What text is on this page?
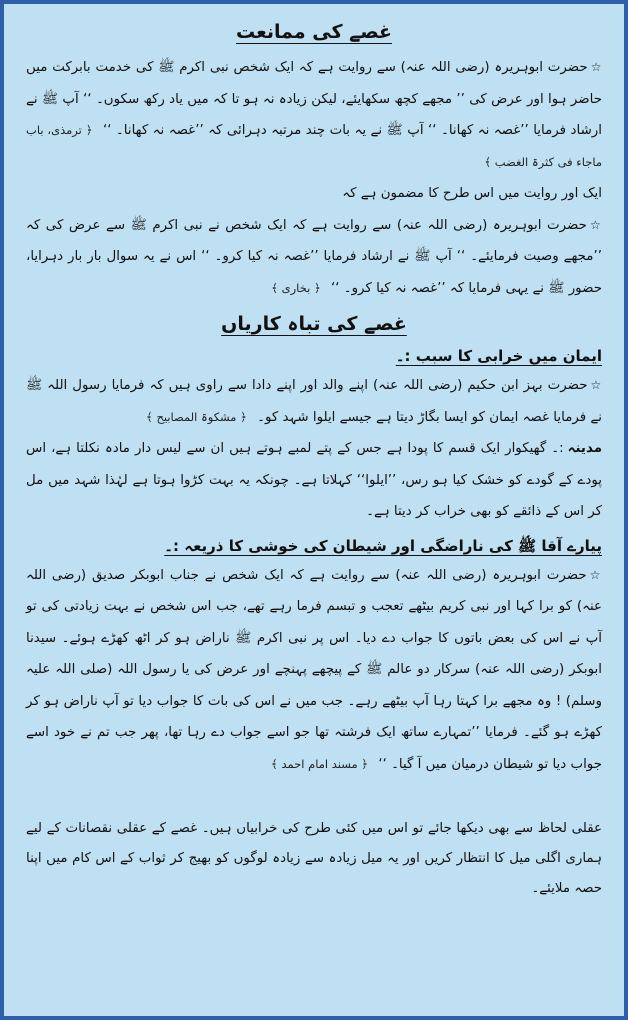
غصے کی ممانعت

☆حضرت ابوہریرہ (رضی اللہ عنہ) سے روایت ہے کہ ایک شخص نبی اکرم ﷺ کی خدمت بابرکت میں حاضر ہوا اور عرض کی ’’ مجھے کچھ سکھایئے، لیکن زیادہ نہ ہو تا کہ میں یاد رکھ سکوں۔ ‘‘ آپ ﷺ نے ارشاد فرمایا ’’غصہ نہ کھانا۔ ‘‘ آپ ﷺ نے یہ بات چند مرتبہ دہرائی کہ ’’غصہ نہ کھانا۔ ‘‘ ﴿ ترمذی، باب ماجاء فی کثرۃ الغضب ﴾

ایک اور روایت میں اس طرح کا مضمون ہے کہ

☆حضرت ابوہریرہ (رضی اللہ عنہ) سے روایت ہے کہ ایک شخص نے نبی اکرم ﷺ سے عرض کی کہ ’’مجھے وصیت فرمایئے۔ ‘‘ آپ ﷺ نے ارشاد فرمایا ’’غصہ نہ کیا کرو۔ ‘‘ اس نے یہ سوال بار بار دہرایا، حضور ﷺ نے یہی فرمایا کہ ’’غصہ نہ کیا کرو۔ ‘‘ ﴿ بخاری ﴾

غصے کی تباہ کاریاں
ایمان میں خرابی کا سبب :۔

☆حضرت بہز ابن حکیم (رضی اللہ عنہ) اپنے والد اور اپنے دادا سے راوی ہیں کہ فرمایا رسول اللہ ﷺ نے فرمایا غصہ ایمان کو ایسا بگاڑ دیتا ہے جیسے ایلوا شہد کو۔ ﴿ مشکوۃ المصابیح ﴾

مدینہ:۔ گھیکوار ایک قسم کا پودا ہے جس کے پتے لمبے ہوتے ہیں ان سے لیس دار مادہ نکلتا ہے، اس پودے کے گودے کو خشک کیا ہو رس، ’’ایلوا‘‘ کہلاتا ہے۔ چونکہ یہ بہت کڑوا ہوتا ہے لہٰذا شہد میں مل کر اس کے ذائقے کو بھی خراب کر دیتا ہے۔

پیارے آقا ﷺ کی ناراضگی اور شیطان کی خوشی کا ذریعہ :۔

☆حضرت ابوہریرہ (رضی اللہ عنہ) سے روایت ہے کہ ایک شخص نے جناب ابوبکر صدیق (رضی اللہ عنہ) کو برا کہا اور نبی کریم بیٹھے تعجب و تبسم فرما رہے تھے، جب اس شخص نے بہت زیادتی کی تو آپ نے اس کی بعض باتوں کا جواب دے دیا۔ اس پر نبی اکرم ﷺ ناراض ہو کر اٹھ کھڑے ہوئے۔ سیدنا ابوبکر (رضی اللہ عنہ) سرکار دو عالم ﷺ کے پیچھے پہنچے اور عرض کی یا رسول اللہ (صلی اللہ علیہ وسلم) ! وہ مجھے برا کہتا رہا آپ بیٹھے رہے۔ جب میں نے اس کی بات کا جواب دیا تو آپ ناراض ہو کر کھڑے ہو گئے۔ فرمایا ’’تمہارے ساتھ ایک فرشتہ تھا جو اسے جواب دے رہا تھا، پھر جب تم نے خود اسے جواب دیا تو شیطان درمیان میں آ گیا۔ ‘‘ ﴿ مسند امام احمد ﴾

عقلی لحاظ سے بھی دیکھا جائے تو اس میں کئی طرح کی خرابیاں ہیں۔ غصے کے عقلی نقصانات کے لیے ہماری اگلی میل کا انتظار کریں اور یہ میل زیادہ سے زیادہ لوگوں کو بھیج کر ثواب کے اس کام میں اپنا حصہ ملایئے۔
